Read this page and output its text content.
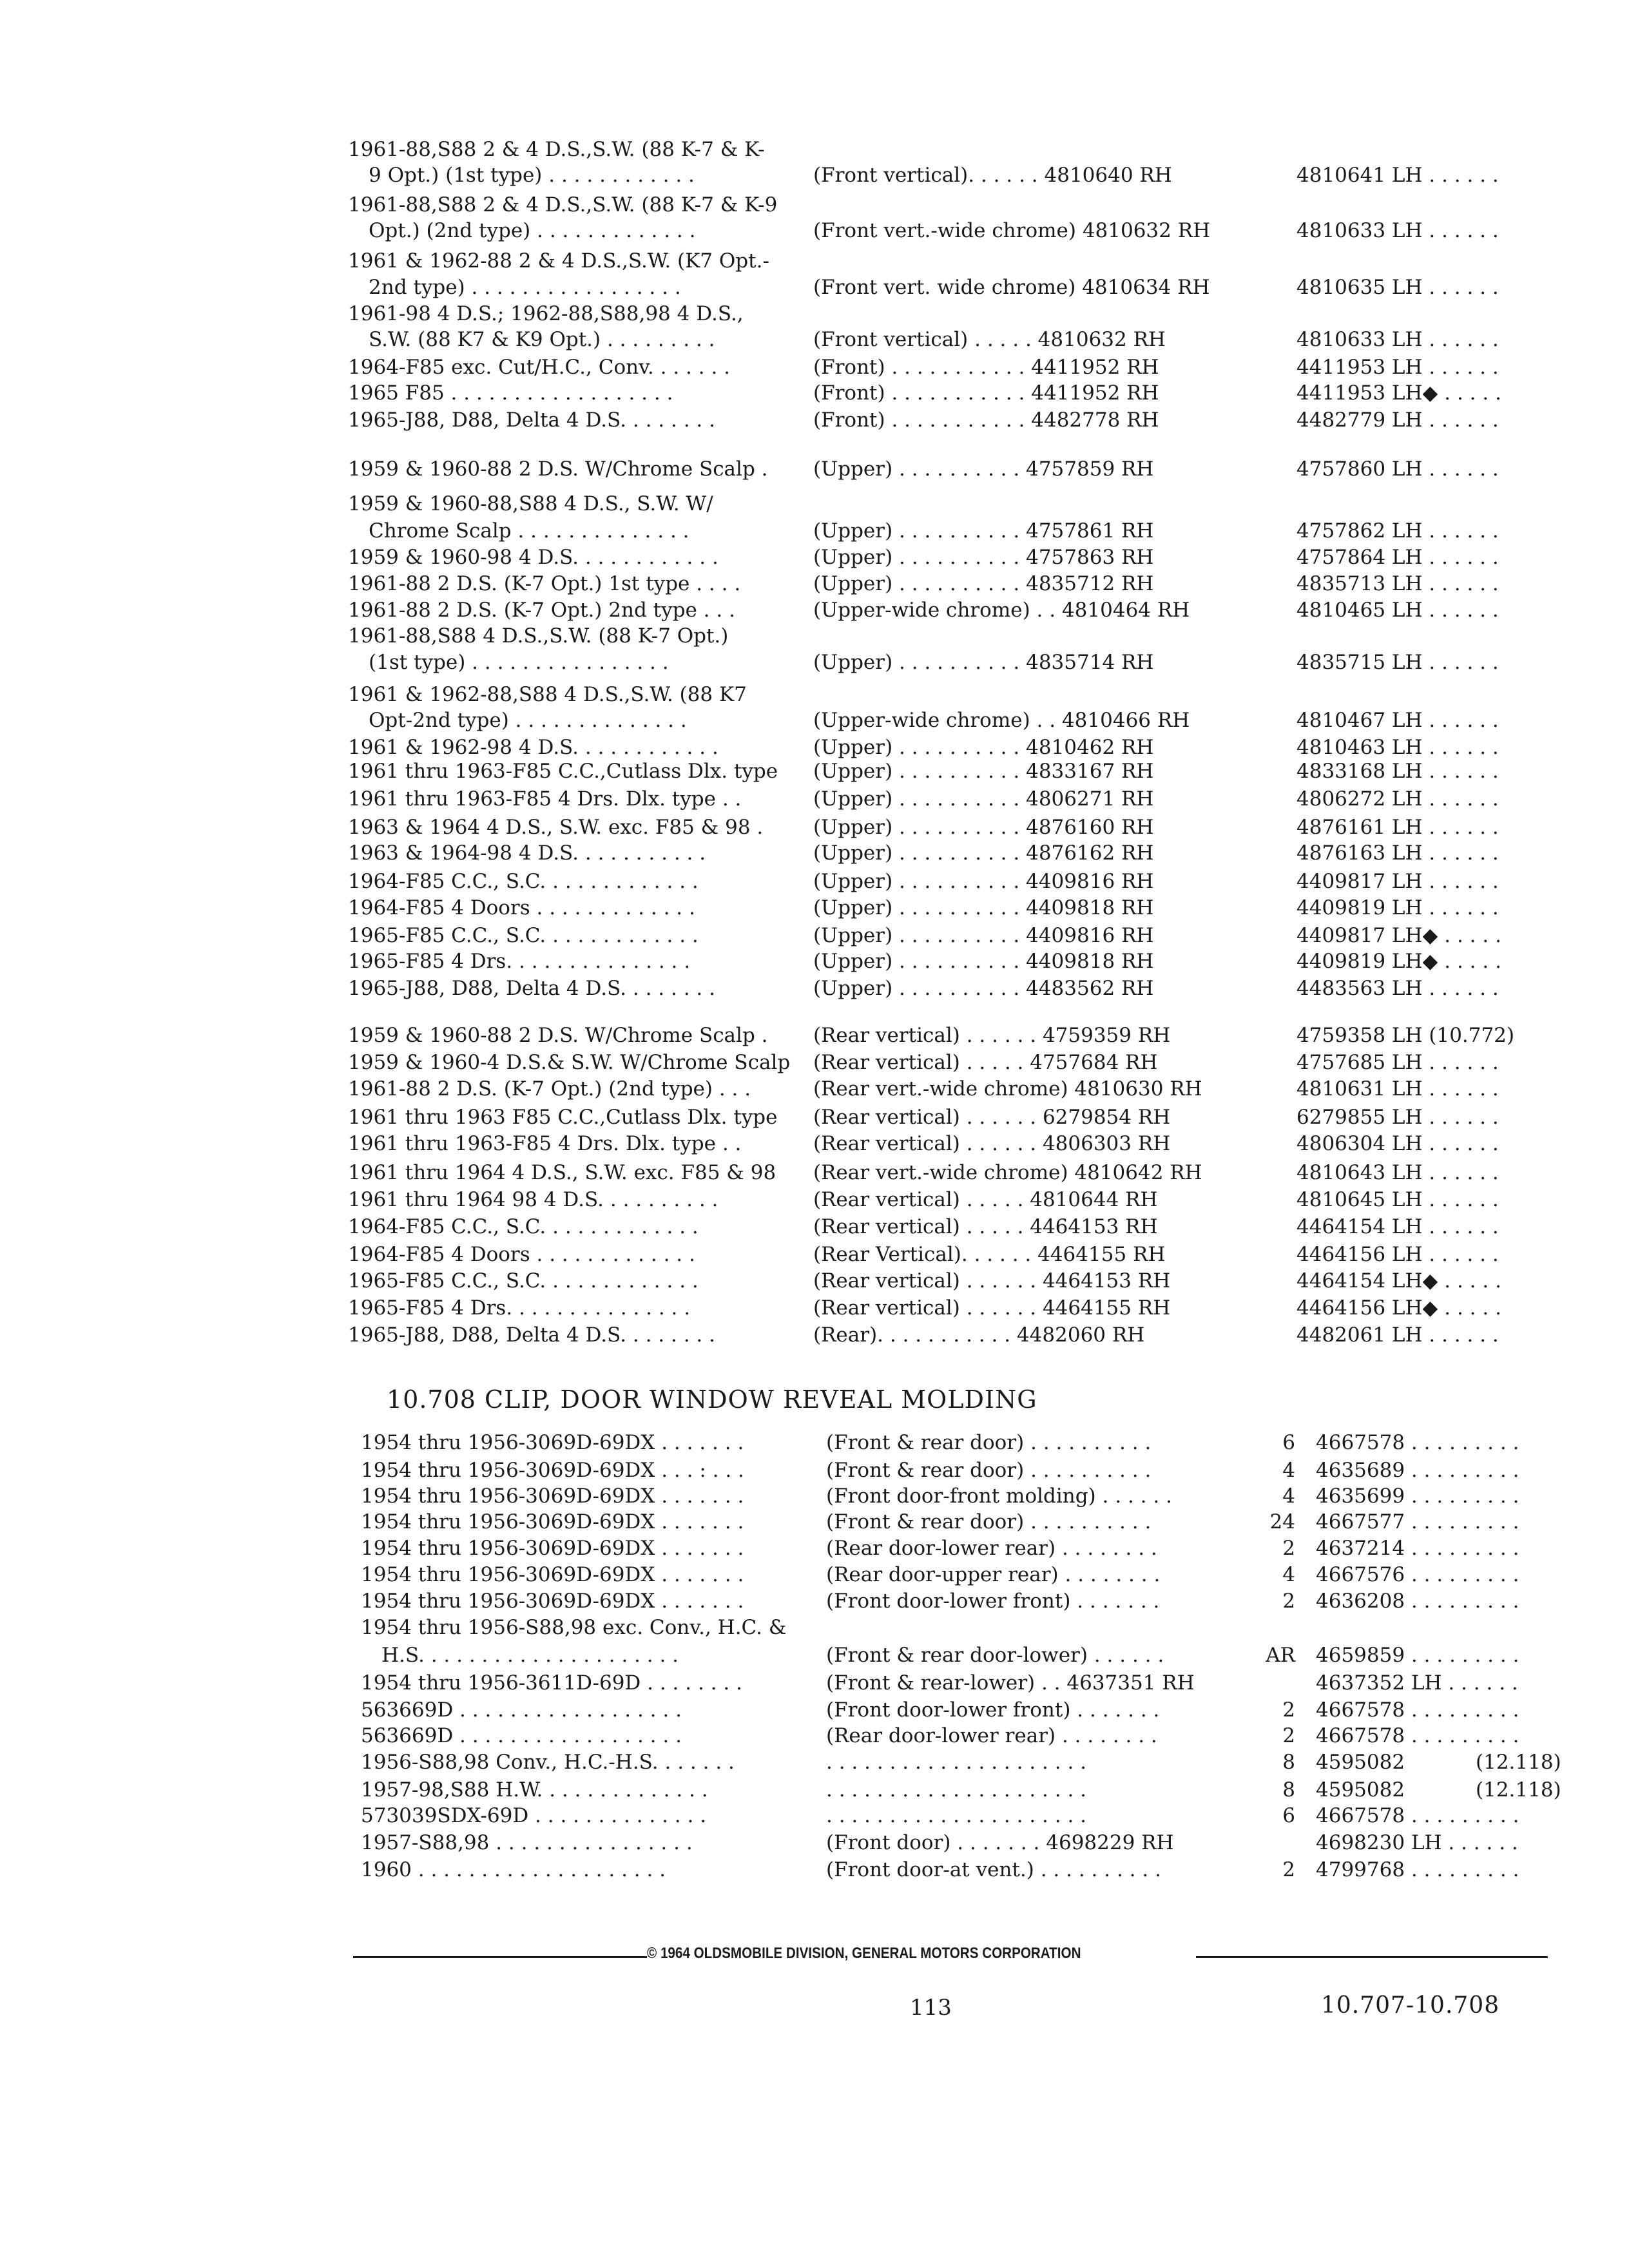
1961-88,S88 2 & 4 D.S.,S.W. (88 K-7 & K-
9 Opt.) (1st type) . . . . . . . . . . . .	(Front vertical). . . . . . 4810640 RH	4810641 LH . . . . . .
1961-88,S88 2 & 4 D.S.,S.W. (88 K-7 & K-9
Opt.) (2nd type) . . . . . . . . . . . . .	(Front vert.-wide chrome) 4810632 RH	4810633 LH . . . . . .
1961 & 1962-88 2 & 4 D.S.,S.W. (K7 Opt.-
2nd type) . . . . . . . . . . . . . . . . .	(Front vert. wide chrome) 4810634 RH	4810635 LH . . . . . .
1961-98 4 D.S.; 1962-88,S88,98 4 D.S.,
S.W. (88 K7 & K9 Opt.) . . . . . . . . .	(Front vertical) . . . . . 4810632 RH	4810633 LH . . . . . .
1964-F85 exc. Cut/H.C., Conv. . . . . . .	(Front) . . . . . . . . . . . 4411952 RH	4411953 LH . . . . . .
1965 F85 . . . . . . . . . . . . . . . . . .	(Front) . . . . . . . . . . . 4411952 RH	4411953 LH◆ . . . . .
1965-J88, D88, Delta 4 D.S. . . . . . . .	(Front) . . . . . . . . . . . 4482778 RH	4482779 LH . . . . . .
1959 & 1960-88 2 D.S. W/Chrome Scalp . (Upper) . . . . . . . . . . 4757859 RH	4757860 LH . . . . . .
1959 & 1960-88,S88 4 D.S., S.W. W/
Chrome Scalp . . . . . . . . . . . . . .	(Upper) . . . . . . . . . . 4757861 RH	4757862 LH . . . . . .
1959 & 1960-98 4 D.S. . . . . . . . . . . .	(Upper) . . . . . . . . . . 4757863 RH	4757864 LH . . . . . .
1961-88 2 D.S. (K-7 Opt.) 1st type . . . .	(Upper) . . . . . . . . . . 4835712 RH	4835713 LH . . . . . .
1961-88 2 D.S. (K-7 Opt.) 2nd type . . .	(Upper-wide chrome) . . 4810464 RH	4810465 LH . . . . . .
1961-88,S88 4 D.S.,S.W. (88 K-7 Opt.)
(1st type) . . . . . . . . . . . . . . . .	(Upper) . . . . . . . . . . 4835714 RH	4835715 LH . . . . . .
1961 & 1962-88,S88 4 D.S.,S.W. (88 K7
Opt-2nd type) . . . . . . . . . . . . . .	(Upper-wide chrome) . . 4810466 RH	4810467 LH . . . . . .
1961 & 1962-98 4 D.S. . . . . . . . . . . .	(Upper) . . . . . . . . . . 4810462 RH	4810463 LH . . . . . .
1961 thru 1963-F85 C.C.,Cutlass Dlx. type (Upper) . . . . . . . . . . 4833167 RH	4833168 LH . . . . . .
1961 thru 1963-F85 4 Drs. Dlx. type . .	(Upper) . . . . . . . . . . 4806271 RH	4806272 LH . . . . . .
1963 & 1964 4 D.S., S.W. exc. F85 & 98 .	(Upper) . . . . . . . . . . 4876160 RH	4876161 LH . . . . . .
1963 & 1964-98 4 D.S. . . . . . . . . . .	(Upper) . . . . . . . . . . 4876162 RH	4876163 LH . . . . . .
1964-F85 C.C., S.C. . . . . . . . . . . . .	(Upper) . . . . . . . . . . 4409816 RH	4409817 LH . . . . . .
1964-F85 4 Doors . . . . . . . . . . . . .	(Upper) . . . . . . . . . . 4409818 RH	4409819 LH . . . . . .
1965-F85 C.C., S.C. . . . . . . . . . . . .	(Upper) . . . . . . . . . . 4409816 RH	4409817 LH◆ . . . . .
1965-F85 4 Drs. . . . . . . . . . . . . . .	(Upper) . . . . . . . . . . 4409818 RH	4409819 LH◆ . . . . .
1965-J88, D88, Delta 4 D.S. . . . . . . .	(Upper) . . . . . . . . . . 4483562 RH	4483563 LH . . . . . .
1959 & 1960-88 2 D.S. W/Chrome Scalp . (Rear vertical) . . . . . . 4759359 RH	4759358 LH (10.772)
1959 & 1960-4 D.S.& S.W. W/Chrome Scalp (Rear vertical) . . . . . 4757684 RH	4757685 LH . . . . . .
1961-88 2 D.S. (K-7 Opt.) (2nd type) . . .	(Rear vert.-wide chrome) 4810630 RH	4810631 LH . . . . . .
1961 thru 1963 F85 C.C.,Cutlass Dlx. type (Rear vertical) . . . . . . 6279854 RH	6279855 LH . . . . . .
1961 thru 1963-F85 4 Drs. Dlx. type . .	(Rear vertical) . . . . . . 4806303 RH	4806304 LH . . . . . .
1961 thru 1964 4 D.S., S.W. exc. F85 & 98 (Rear vert.-wide chrome) 4810642 RH	4810643 LH . . . . . .
1961 thru 1964 98 4 D.S. . . . . . . . . .	(Rear vertical) . . . . . 4810644 RH	4810645 LH . . . . . .
1964-F85 C.C., S.C. . . . . . . . . . . . .	(Rear vertical) . . . . . 4464153 RH	4464154 LH . . . . . .
1964-F85 4 Doors . . . . . . . . . . . . .	(Rear Vertical). . . . . . 4464155 RH	4464156 LH . . . . . .
1965-F85 C.C., S.C. . . . . . . . . . . . .	(Rear vertical) . . . . . . 4464153 RH	4464154 LH◆ . . . . .
1965-F85 4 Drs. . . . . . . . . . . . . . .	(Rear vertical) . . . . . . 4464155 RH	4464156 LH◆ . . . . .
1965-J88, D88, Delta 4 D.S. . . . . . . .	(Rear). . . . . . . . . . . 4482060 RH	4482061 LH . . . . . .
10.708 CLIP, DOOR WINDOW REVEAL MOLDING
1954 thru 1956-3069D-69DX . . . . . . .	(Front & rear door) . . . . . . . . . .	6 4667578 . . . . . . . . .
1954 thru 1956-3069D-69DX . . . : . . .	(Front & rear door) . . . . . . . . . .	4 4635689 . . . . . . . . .
1954 thru 1956-3069D-69DX . . . . . . .	(Front door-front molding) . . . . . .	4 4635699 . . . . . . . . .
1954 thru 1956-3069D-69DX . . . . . . .	(Front & rear door) . . . . . . . . . .	24 4667577 . . . . . . . . .
1954 thru 1956-3069D-69DX . . . . . . .	(Rear door-lower rear) . . . . . . . .	2 4637214 . . . . . . . . .
1954 thru 1956-3069D-69DX . . . . . . .	(Rear door-upper rear) . . . . . . . .	4 4667576 . . . . . . . . .
1954 thru 1956-3069D-69DX . . . . . . .	(Front door-lower front) . . . . . . .	2 4636208 . . . . . . . . .
1954 thru 1956-S88,98 exc. Conv., H.C. &
H.S. . . . . . . . . . . . . . . . . . . . .	(Front & rear door-lower) . . . . . .	AR 4659859 . . . . . . . . .
1954 thru 1956-3611D-69D . . . . . . . .	(Front & rear-lower) . . 4637351 RH	4637352 LH . . . . . .
563669D . . . . . . . . . . . . . . . . . .	(Front door-lower front) . . . . . . .	2 4667578 . . . . . . . . .
563669D . . . . . . . . . . . . . . . . . .	(Rear door-lower rear) . . . . . . . .	2 4667578 . . . . . . . . .
1956-S88,98 Conv., H.C.-H.S. . . . . . .	. . . . . . . . . . . . . . . . . . . . .	8 4595082	(12.118)
1957-98,S88 H.W. . . . . . . . . . . . . .	. . . . . . . . . . . . . . . . . . . . .	8 4595082	(12.118)
573039SDX-69D . . . . . . . . . . . . . .	. . . . . . . . . . . . . . . . . . . . .	6 4667578 . . . . . . . . .
1957-S88,98 . . . . . . . . . . . . . . . .	(Front door) . . . . . . . 4698229 RH	4698230 LH . . . . . .
1960 . . . . . . . . . . . . . . . . . . . .	(Front door-at vent.) . . . . . . . . . .	2 4799768 . . . . . . . . .
© 1964 OLDSMOBILE DIVISION, GENERAL MOTORS CORPORATION
113	10.707-10.708
